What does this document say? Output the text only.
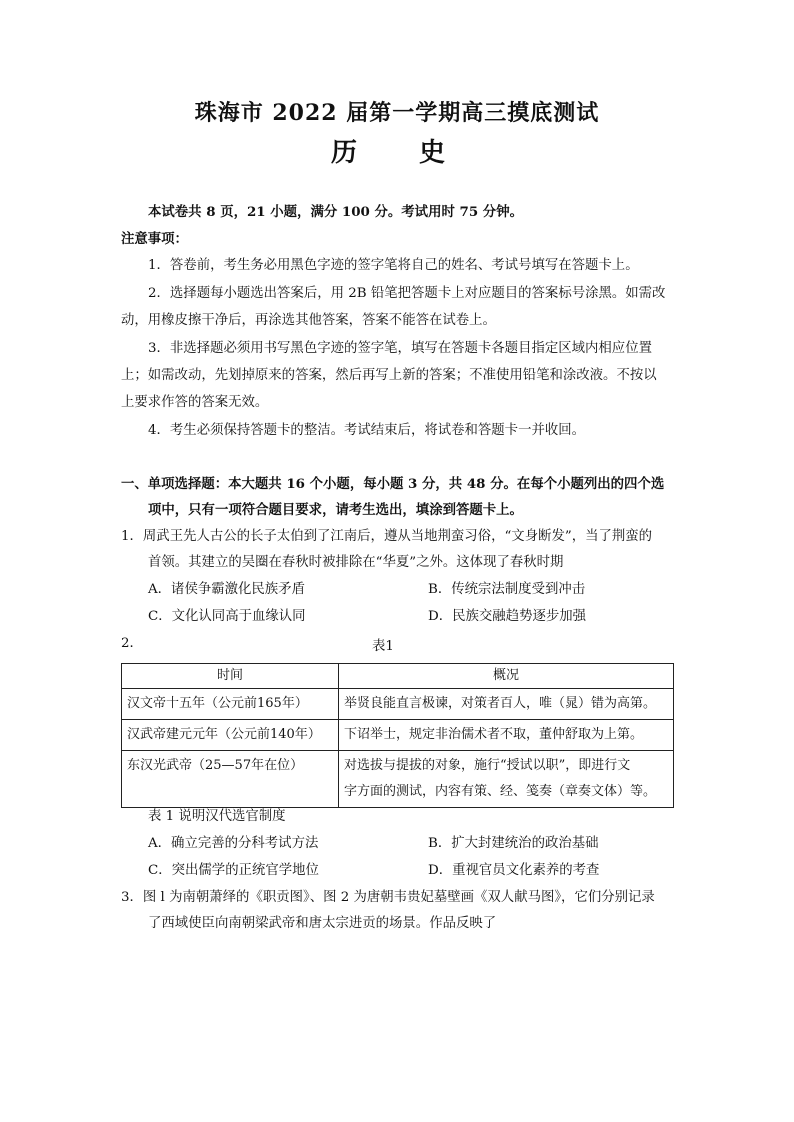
珠海市 2022 届第一学期高三摸底测试
历　史
本试卷共 8 页，21 小题，满分 100 分。考试用时 75 分钟。
注意事项：
1．答卷前，考生务必用黑色字迹的签字笔将自己的姓名、考试号填写在答题卡上。
2．选择题每小题选出答案后，用 2B 铅笔把答题卡上对应题目的答案标号涂黑。如需改
动，用橡皮擦干净后，再涂选其他答案，答案不能答在试卷上。
3．非选择题必须用书写黑色字迹的签字笔，填写在答题卡各题目指定区域内相应位置
上；如需改动，先划掉原来的答案，然后再写上新的答案；不准使用铅笔和涂改液。不按以
上要求作答的答案无效。
4．考生必须保持答题卡的整洁。考试结束后，将试卷和答题卡一并收回。
一、单项选择题：本大题共 16 个小题，每小题 3 分，共 48 分。在每个小题列出的四个选
项中，只有一项符合题目要求，请考生选出，填涂到答题卡上。
1．周武王先人古公的长子太伯到了江南后，遵从当地荆蛮习俗，“文身断发”，当了荆蛮的
首领。其建立的吴圈在春秋时被排除在“华夏”之外。这体现了春秋时期
A．诸侯争霸激化民族矛盾	B．传统宗法制度受到冲击
C．文化认同高于血缘认同	D．民族交融趋势逐步加强
2．	表1
时间	概况
汉文帝十五年（公元前165年）	举贤良能直言极谏，对策者百人，唯（晁）错为高第。
汉武帝建元元年（公元前140年）	下诏举士，规定非治儒术者不取，董仲舒取为上第。
东汉光武帝（25—57年在位）	对选拔与提拔的对象，施行“授试以职”，即进行文
字方面的测试，内容有策、经、笺奏（章奏文体）等。
表 1 说明汉代选官制度
A．确立完善的分科考试方法	B．扩大封建统治的政治基础
C．突出儒学的正统官学地位	D．重视官员文化素养的考查
3．图 l 为南朝萧绎的《职贡图》、图 2 为唐朝韦贵妃墓壁画《双人献马图》，它们分别记录
了西域使臣向南朝梁武帝和唐太宗进贡的场景。作品反映了
